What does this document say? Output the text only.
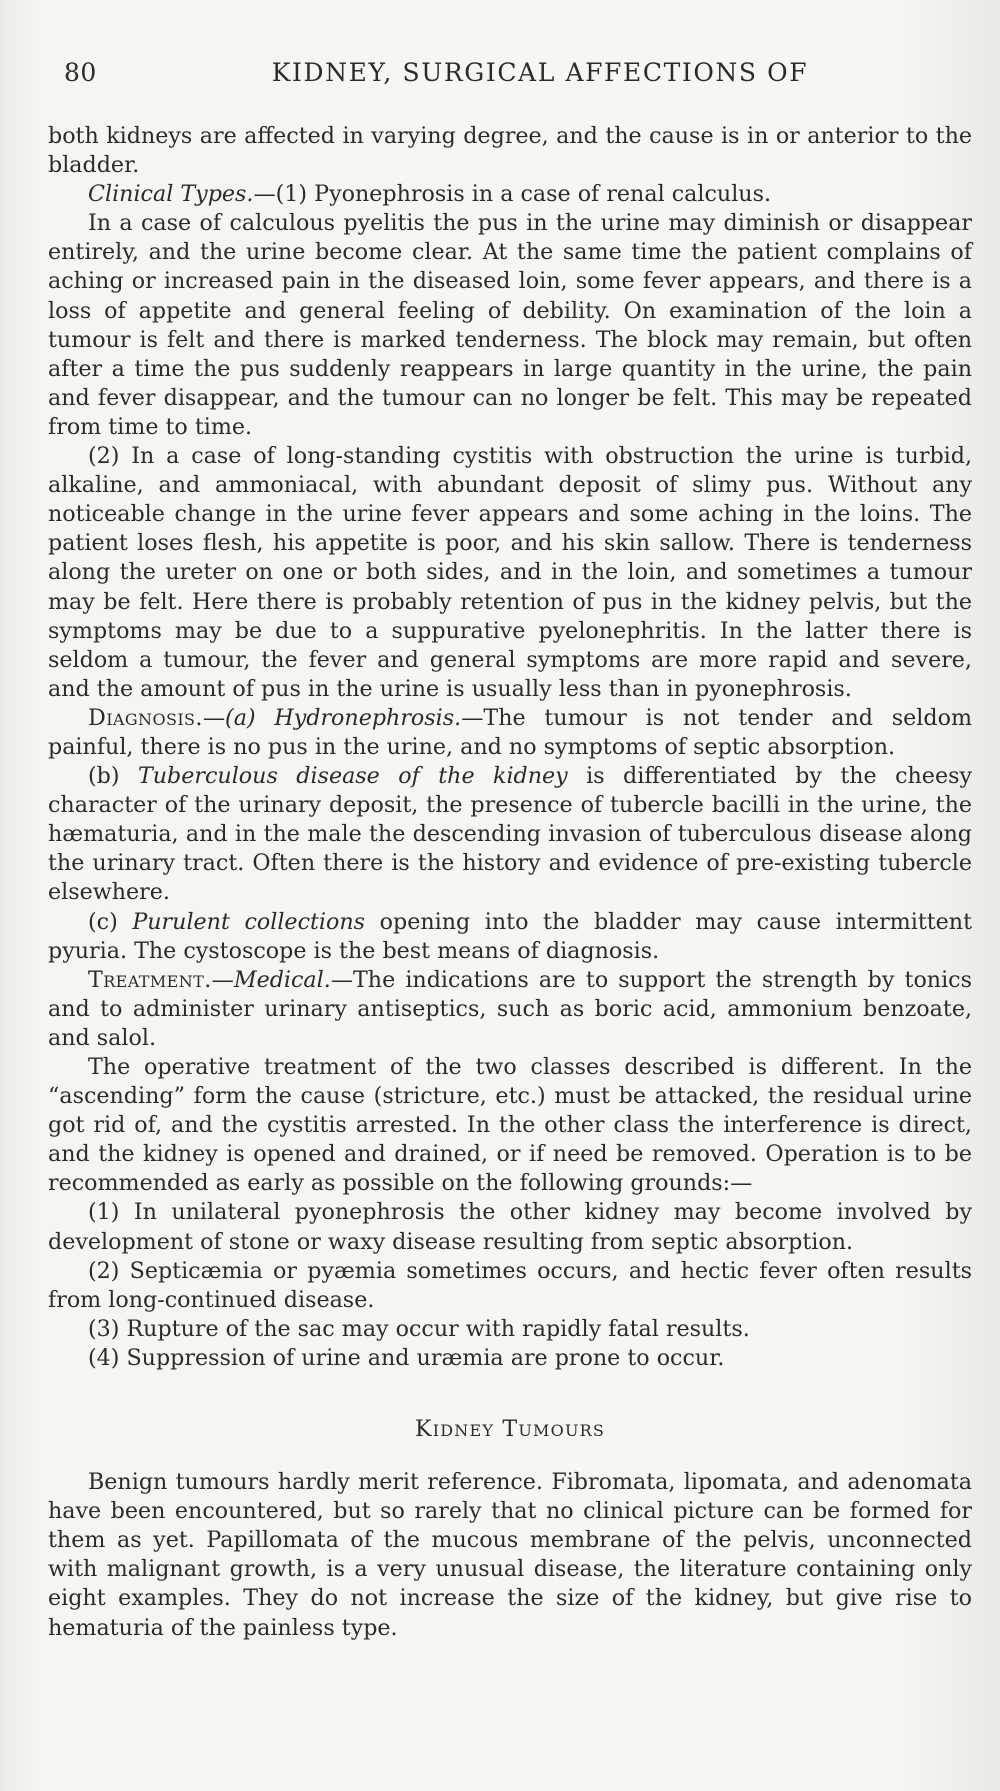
80	KIDNEY, SURGICAL AFFECTIONS OF

both kidneys are affected in varying degree, and the cause is in or anterior to the bladder.

Clinical Types.—(1) Pyonephrosis in a case of renal calculus.

In a case of calculous pyelitis the pus in the urine may diminish or disappear entirely, and the urine become clear. At the same time the patient complains of aching or increased pain in the diseased loin, some fever appears, and there is a loss of appetite and general feeling of debility. On examination of the loin a tumour is felt and there is marked tenderness. The block may remain, but often after a time the pus suddenly reappears in large quantity in the urine, the pain and fever disappear, and the tumour can no longer be felt. This may be repeated from time to time.

(2) In a case of long-standing cystitis with obstruction the urine is turbid, alkaline, and ammoniacal, with abundant deposit of slimy pus. Without any noticeable change in the urine fever appears and some aching in the loins. The patient loses flesh, his appetite is poor, and his skin sallow. There is tenderness along the ureter on one or both sides, and in the loin, and sometimes a tumour may be felt. Here there is probably retention of pus in the kidney pelvis, but the symptoms may be due to a suppurative pyelonephritis. In the latter there is seldom a tumour, the fever and general symptoms are more rapid and severe, and the amount of pus in the urine is usually less than in pyonephrosis.

Diagnosis.—(a) Hydronephrosis.—The tumour is not tender and seldom painful, there is no pus in the urine, and no symptoms of septic absorption.

(b) Tuberculous disease of the kidney is differentiated by the cheesy character of the urinary deposit, the presence of tubercle bacilli in the urine, the hæmaturia, and in the male the descending invasion of tuberculous disease along the urinary tract. Often there is the history and evidence of pre-existing tubercle elsewhere.

(c) Purulent collections opening into the bladder may cause intermittent pyuria. The cystoscope is the best means of diagnosis.

Treatment.—Medical.—The indications are to support the strength by tonics and to administer urinary antiseptics, such as boric acid, ammonium benzoate, and salol.

The operative treatment of the two classes described is different. In the “ascending” form the cause (stricture, etc.) must be attacked, the residual urine got rid of, and the cystitis arrested. In the other class the interference is direct, and the kidney is opened and drained, or if need be removed. Operation is to be recommended as early as possible on the following grounds:—

(1) In unilateral pyonephrosis the other kidney may become involved by development of stone or waxy disease resulting from septic absorption.

(2) Septicæmia or pyæmia sometimes occurs, and hectic fever often results from long-continued disease.

(3) Rupture of the sac may occur with rapidly fatal results.

(4) Suppression of urine and uræmia are prone to occur.

Kidney Tumours

Benign tumours hardly merit reference. Fibromata, lipomata, and adenomata have been encountered, but so rarely that no clinical picture can be formed for them as yet. Papillomata of the mucous membrane of the pelvis, unconnected with malignant growth, is a very unusual disease, the literature containing only eight examples. They do not increase the size of the kidney, but give rise to hematuria of the painless type.
